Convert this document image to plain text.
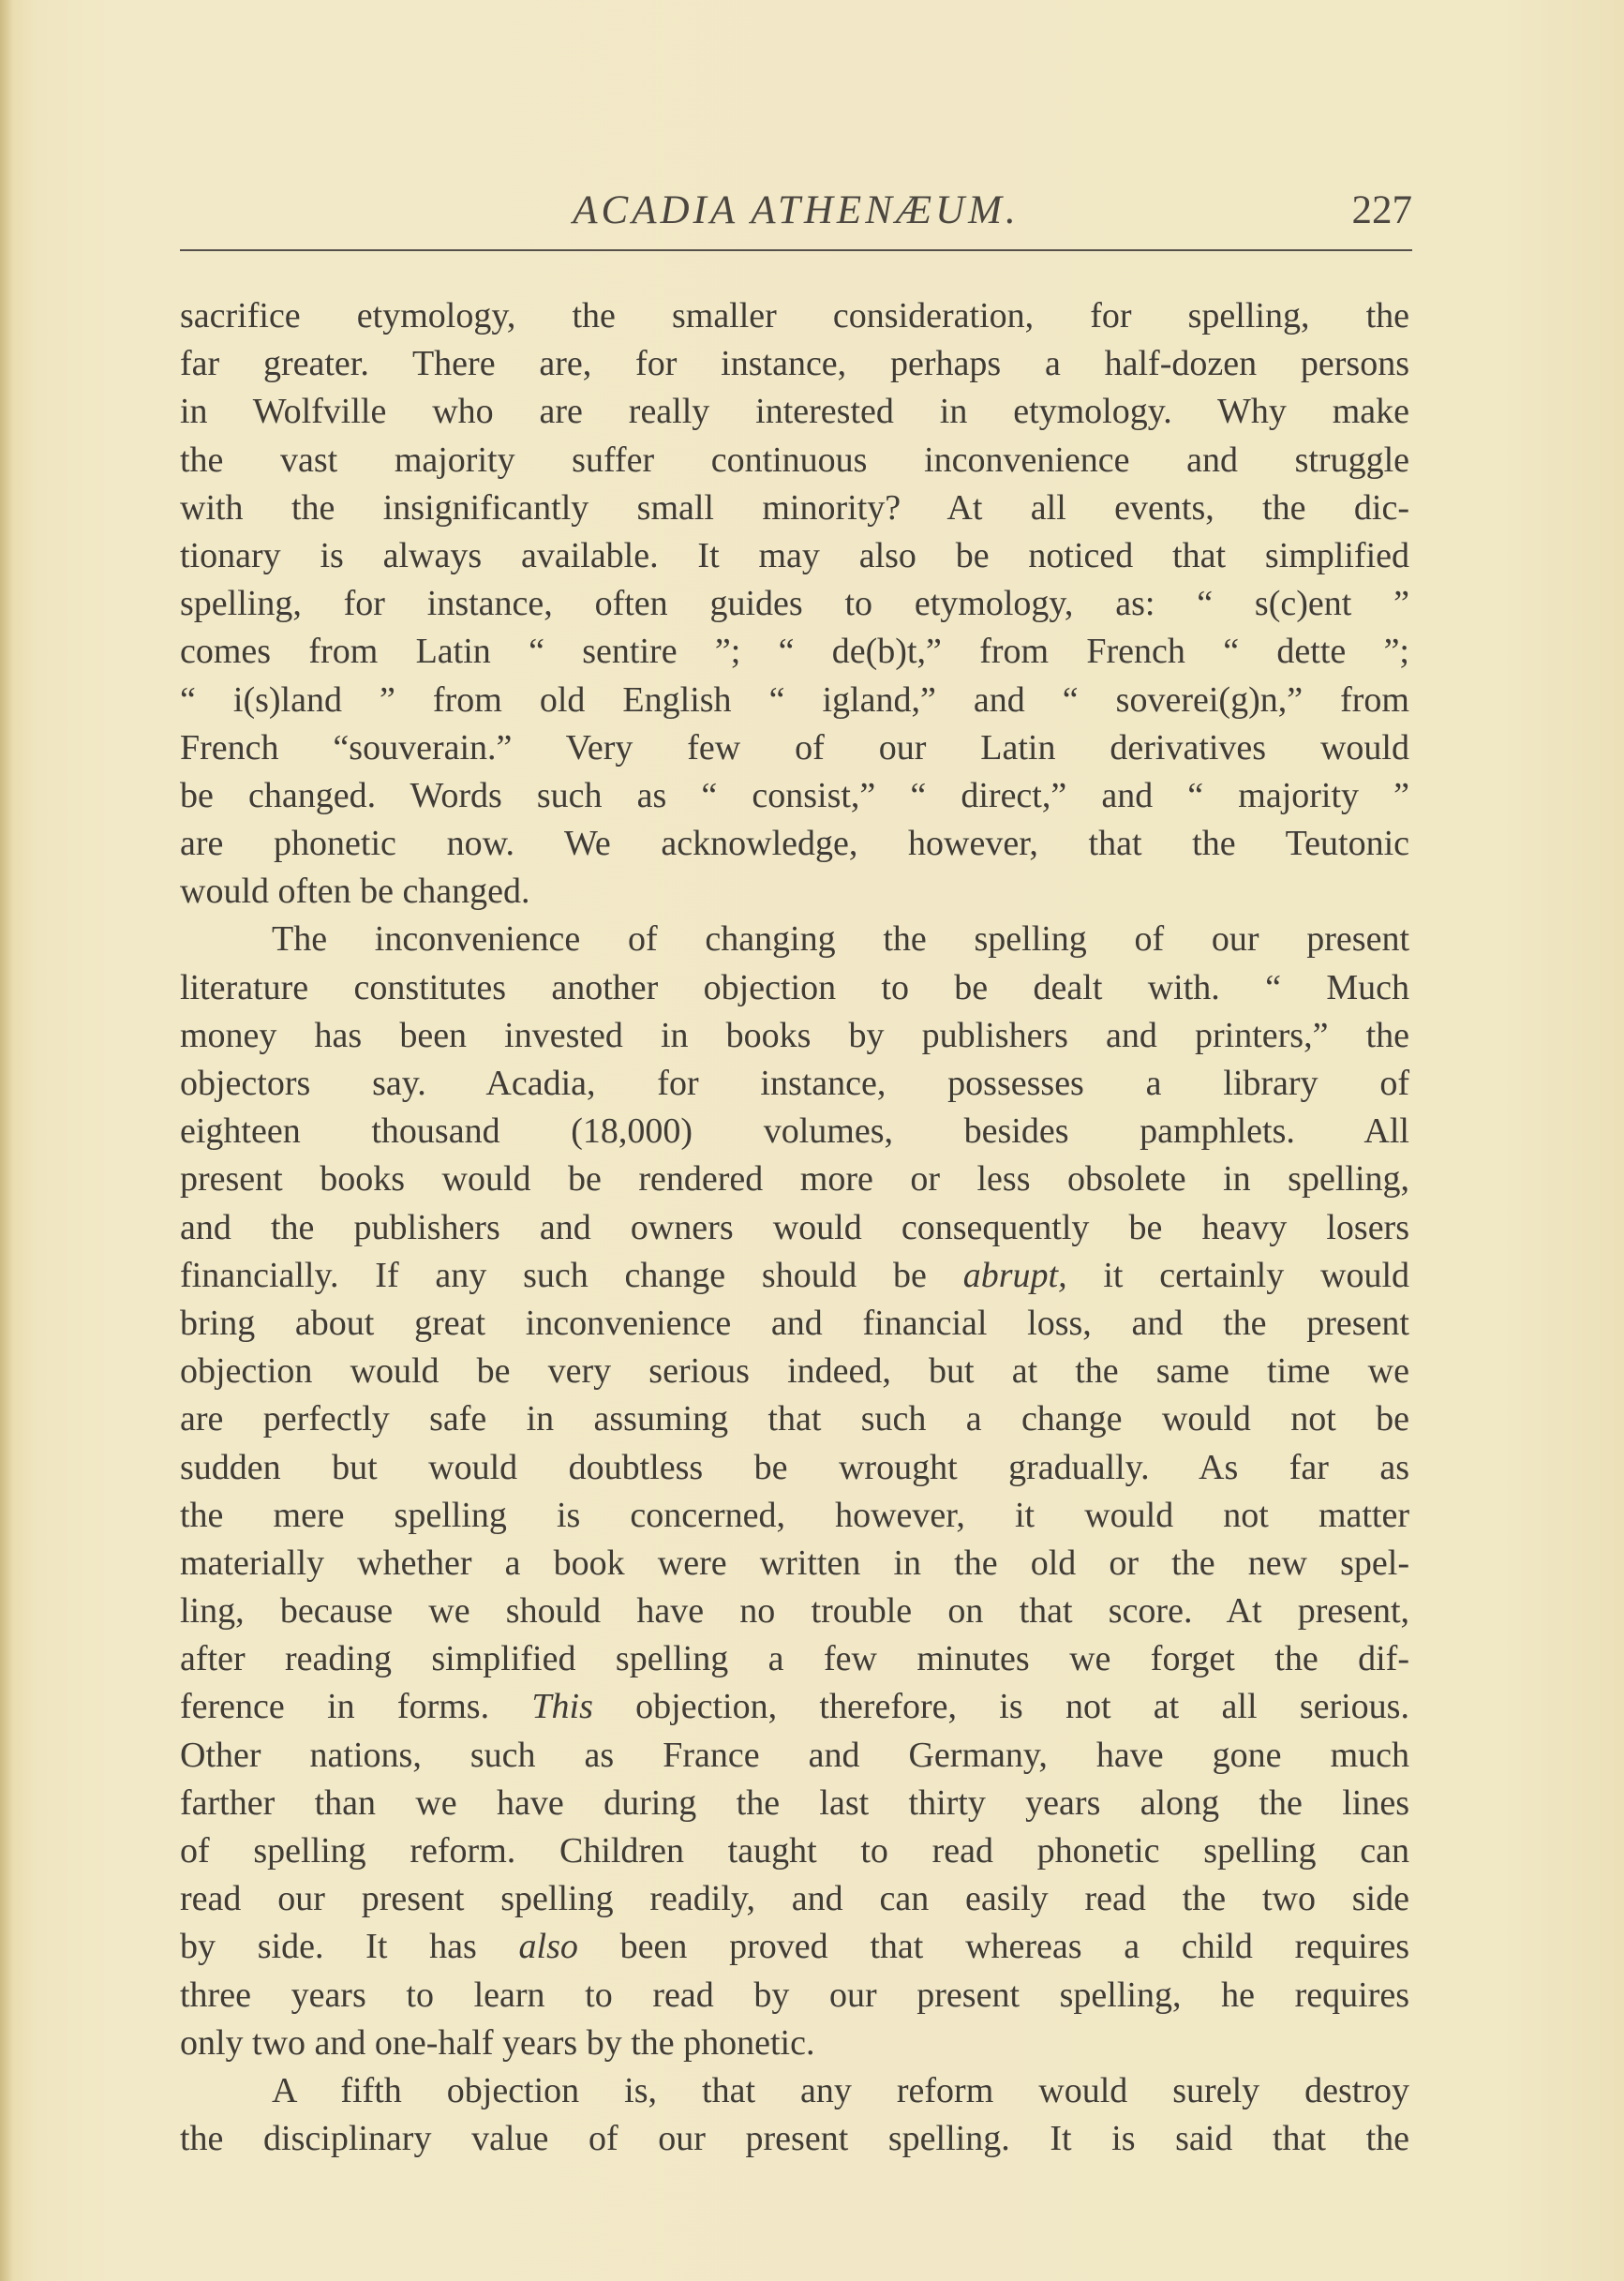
ACADIA ATHENÆUM.	227
sacrifice etymology, the smaller consideration, for spelling, the
far greater. There are, for instance, perhaps a half-dozen persons
in Wolfville who are really interested in etymology. Why make
the vast majority suffer continuous inconvenience and struggle
with the insignificantly small minority? At all events, the dic-
tionary is always available. It may also be noticed that simplified
spelling, for instance, often guides to etymology, as: “ s(c)ent ”
comes from Latin “ sentire ”; “ de(b)t,” from French “ dette ”;
“ i(s)land ” from old English “ igland,” and “ soverei(g)n,” from
French “souverain.” Very few of our Latin derivatives would
be changed. Words such as “ consist,” “ direct,” and “ majority ”
are phonetic now. We acknowledge, however, that the Teutonic
would often be changed.
The inconvenience of changing the spelling of our present
literature constitutes another objection to be dealt with. “ Much
money has been invested in books by publishers and printers,” the
objectors say. Acadia, for instance, possesses a library of
eighteen thousand (18,000) volumes, besides pamphlets. All
present books would be rendered more or less obsolete in spelling,
and the publishers and owners would consequently be heavy losers
financially. If any such change should be abrupt, it certainly would
bring about great inconvenience and financial loss, and the present
objection would be very serious indeed, but at the same time we
are perfectly safe in assuming that such a change would not be
sudden but would doubtless be wrought gradually. As far as
the mere spelling is concerned, however, it would not matter
materially whether a book were written in the old or the new spel-
ling, because we should have no trouble on that score. At present,
after reading simplified spelling a few minutes we forget the dif-
ference in forms. This objection, therefore, is not at all serious.
Other nations, such as France and Germany, have gone much
farther than we have during the last thirty years along the lines
of spelling reform. Children taught to read phonetic spelling can
read our present spelling readily, and can easily read the two side
by side. It has also been proved that whereas a child requires
three years to learn to read by our present spelling, he requires
only two and one-half years by the phonetic.
A fifth objection is, that any reform would surely destroy
the disciplinary value of our present spelling. It is said that the
